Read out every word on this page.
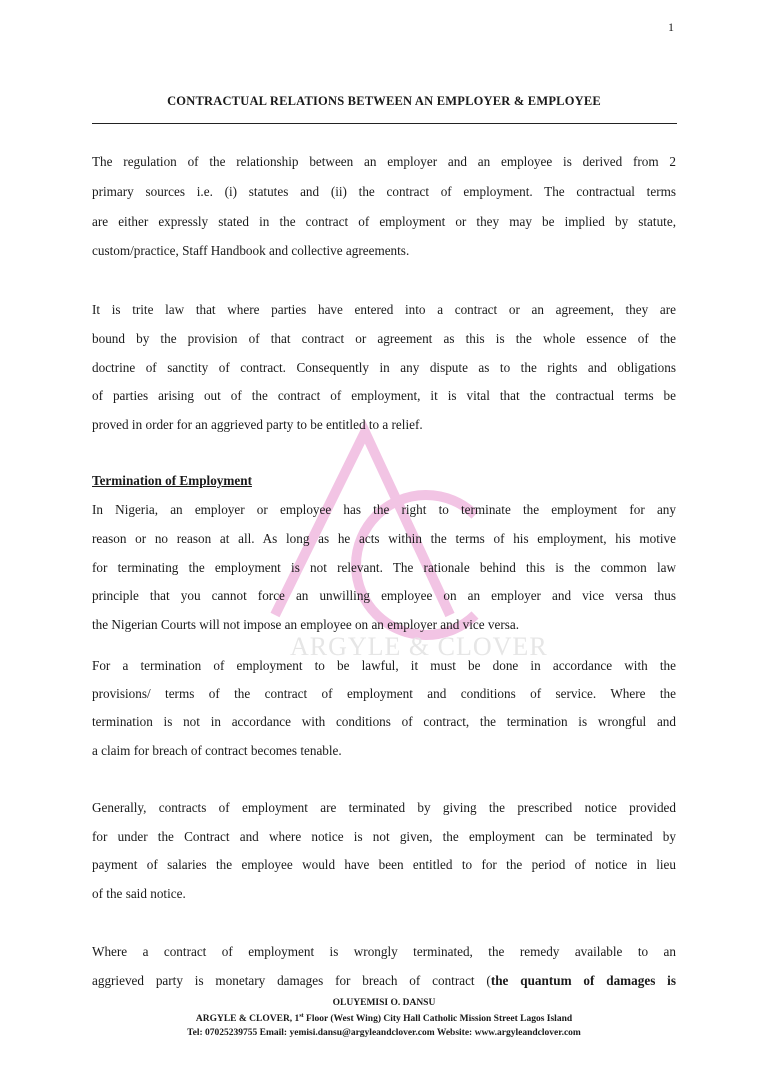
1
CONTRACTUAL RELATIONS BETWEEN AN EMPLOYER & EMPLOYEE
ARGYLE & CLOVER
The regulation of the relationship between an employer and an employee is derived from 2
primary sources i.e. (i) statutes and (ii) the contract of employment. The contractual terms
are either expressly stated in the contract of employment or they may be implied by statute,
custom/practice, Staff Handbook and collective agreements.
It is trite law that where parties have entered into a contract or an agreement, they are
bound by the provision of that contract or agreement as this is the whole essence of the
doctrine of sanctity of contract. Consequently in any dispute as to the rights and obligations
of parties arising out of the contract of employment, it is vital that the contractual terms be
proved in order for an aggrieved party to be entitled to a relief.
Termination of Employment
In Nigeria, an employer or employee has the right to terminate the employment for any
reason or no reason at all. As long as he acts within the terms of his employment, his motive
for terminating the employment is not relevant. The rationale behind this is the common law
principle that you cannot force an unwilling employee on an employer and vice versa thus
the Nigerian Courts will not impose an employee on an employer and vice versa.
For a termination of employment to be lawful, it must be done in accordance with the
provisions/ terms of the contract of employment and conditions of service. Where the
termination is not in accordance with conditions of contract, the termination is wrongful and
a claim for breach of contract becomes tenable.
Generally, contracts of employment are terminated by giving the prescribed notice provided
for under the Contract and where notice is not given, the employment can be terminated by
payment of salaries the employee would have been entitled to for the period of notice in lieu
of the said notice.
Where a contract of employment is wrongly terminated, the remedy available to an
aggrieved party is monetary damages for breach of contract (the quantum of damages is
OLUYEMISI O. DANSU
ARGYLE & CLOVER, 1st Floor (West Wing) City Hall Catholic Mission Street Lagos Island
Tel: 07025239755 Email: yemisi.dansu@argyleandclover.com Website: www.argyleandclover.com
